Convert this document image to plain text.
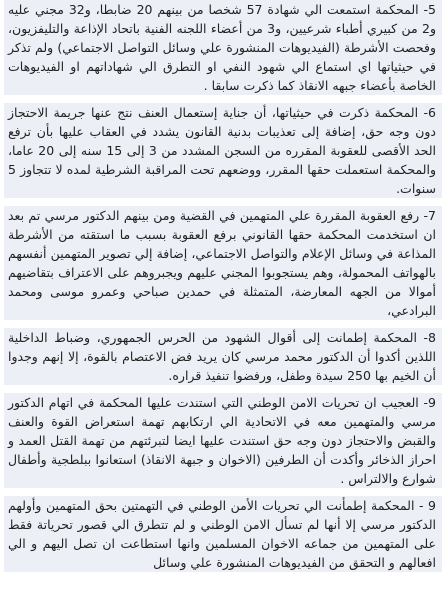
5- المحكمة استمعت الي شهادة 57 شخصا من بينهم 20 ضابطا، و32 مجني عليه و2 من كبيري أطباء شرعيين، و3 من أعضاء اللجنه الفنية باتحاد الإذاعة والتليفزيون، وفحصت الأشرطة (الفيديوهات المنشورة علي وسائل التواصل الاجتماعي) ولم تذكر في حيثياتها اي استماع الي شهود النفي او التطرق الي شهاداتهم او الفيديوهات الخاصة بأعضاء جبهه الانقاذ كما ذكرت سابقا .

6- المحكمة ذكرت في حيثياتها، أن جناية إستعمال العنف نتج عنها جريمة الاحتجاز دون وجه حق، إضافة إلى تعذيبات بدنية القانون يشدد في العقاب عليها بأن ترفع الحد الأقصى للعقوبة المقرره من السجن المشدد من 3 إلى 15 سنه إلى 20 عاما، والمحكمة استعملت حقها المقرر، ووضعهم تحت المراقبة الشرطية لمده لا تتجاوز 5 سنوات.

7- رفع العقوبة المقررة علي المتهمين في القضية ومن بينهم الدكتور مرسي تم بعد ان استخدمت المحكمة حقها القانوني برفع العقوبة بسبب ما استقته من الأشرطة المذاعة في وسائل الإعلام والتواصل الاجتماعي، إضافة إلي تصوير المتهمين أنفسهم بالهواتف المحمولة، وهم يستجوبوا المجني عليهم ويجبروهم على الاعتراف بتقاضيهم أموالا من الجهه المعارضة، المتمثلة في حمدين صباحي وعمرو موسى ومحمد البرادعي،

8- المحكمة إطمانت إلى أقوال الشهود من الحرس الجمهوري، وضباط الداخلية اللذين أكدوا أن الدكتور محمد مرسي كان يريد فض الاعتصام بالقوة، إلا إنهم وجدوا أن الخيم بها 250 سيدة وطفل، ورفضوا تنفيذ قراره.

9- العجيب ان تحريات الامن الوطني التي استندت عليها المحكمة في اتهام الدكتور مرسي والمتهمين معه في الاتحادية الي ارتكابهم تهمة استعراض القوة والعنف والقبض والاحتجاز دون وجه حق استندت عليها ايضا لتبرئتهم من تهمة القتل العمد و احراز الذخائر وأكدت أن الطرفين (الاخوان و جبهة الانقاذ) استعانوا ببلطجية وأطفال شوارع والالتراس .

9 - المحكمة إطمأنت الي تحريات الأمن الوطني في التهمتين بحق المتهمين وأولهم الدكتور مرسي إلا أنها لم تسأل الامن الوطني و لم تتطرق الي قصور تحرياتة فقط على المتهمين من جماعه الاخوان المسلمين وانها استطاعت ان تصل اليهم و الي افعالهم و التحقق من الفيديوهات المنشورة علي وسائل
